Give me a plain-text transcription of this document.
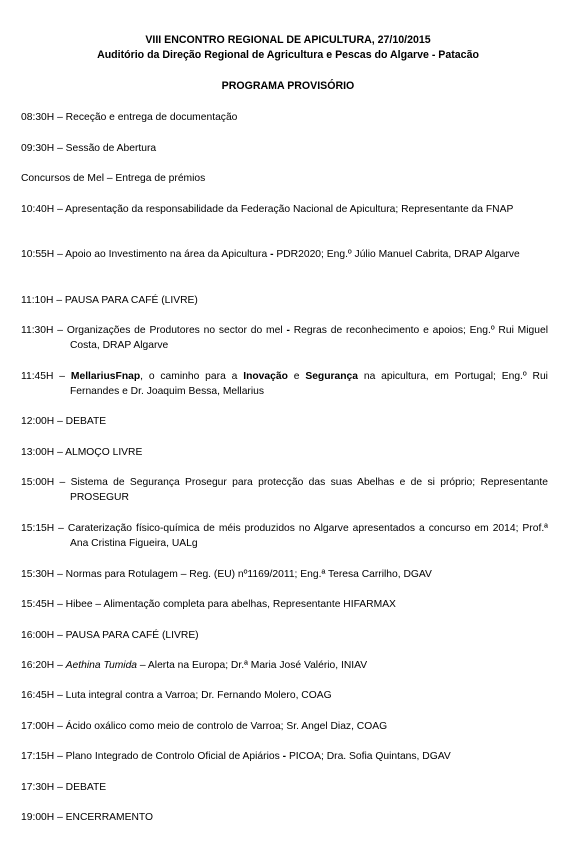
VIII ENCONTRO REGIONAL DE APICULTURA, 27/10/2015
Auditório da Direção Regional de Agricultura e Pescas do Algarve - Patacão
PROGRAMA PROVISÓRIO
08:30H – Receção e entrega de documentação
09:30H – Sessão de Abertura
Concursos de Mel – Entrega de prémios
10:40H – Apresentação da responsabilidade da Federação Nacional de Apicultura; Representante da FNAP
10:55H – Apoio ao Investimento na área da Apicultura - PDR2020; Eng.º Júlio Manuel Cabrita, DRAP Algarve
11:10H – PAUSA PARA CAFÉ (LIVRE)
11:30H – Organizações de Produtores no sector do mel - Regras de reconhecimento e apoios; Eng.º Rui Miguel Costa, DRAP Algarve
11:45H – MellariusFnap, o caminho para a Inovação e Segurança na apicultura, em Portugal; Eng.º Rui Fernandes e Dr. Joaquim Bessa, Mellarius
12:00H – DEBATE
13:00H – ALMOÇO LIVRE
15:00H – Sistema de Segurança Prosegur para protecção das suas Abelhas e de si próprio; Representante PROSEGUR
15:15H – Caraterização físico-química de méis produzidos no Algarve apresentados a concurso em 2014; Prof.ª Ana Cristina Figueira, UALg
15:30H – Normas para Rotulagem – Reg. (EU) nº1169/2011; Eng.ª Teresa Carrilho, DGAV
15:45H – Hibee – Alimentação completa para abelhas, Representante HIFARMAX
16:00H – PAUSA PARA CAFÉ (LIVRE)
16:20H – Aethina Tumida – Alerta na Europa; Dr.ª Maria José Valério, INIAV
16:45H – Luta integral contra a Varroa; Dr. Fernando Molero, COAG
17:00H – Ácido oxálico como meio de controlo de Varroa; Sr. Angel Diaz, COAG
17:15H – Plano Integrado de Controlo Oficial de Apiários - PICOA; Dra. Sofia Quintans, DGAV
17:30H – DEBATE
19:00H – ENCERRAMENTO
